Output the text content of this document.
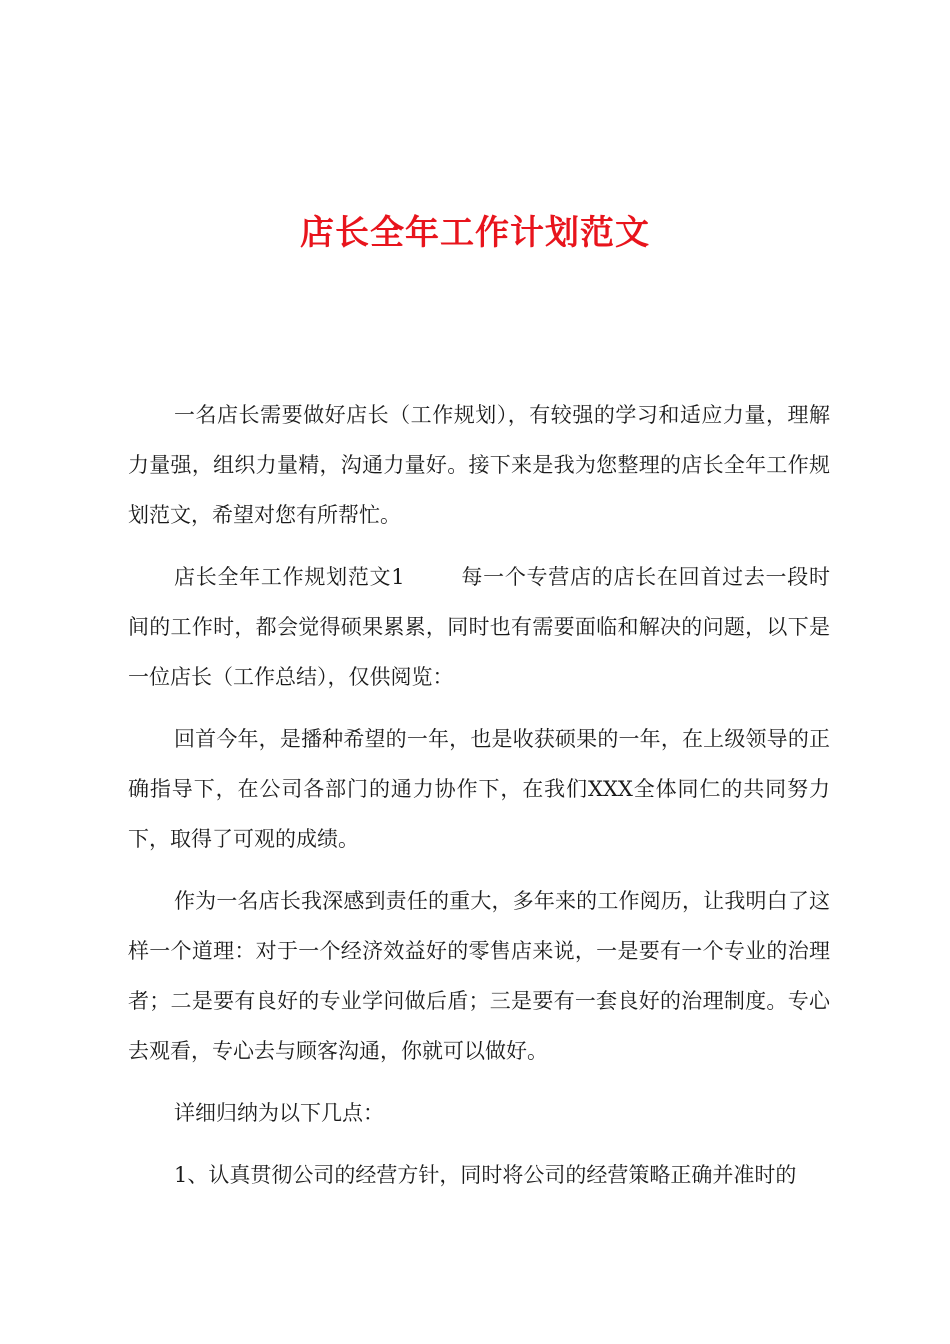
店长全年工作计划范文

一名店长需要做好店长（工作规划），有较强的学习和适应力量，理解力量强，组织力量精，沟通力量好。接下来是我为您整理的店长全年工作规划范文，希望对您有所帮忙。

店长全年工作规划范文1	每一个专营店的店长在回首过去一段时间的工作时，都会觉得硕果累累，同时也有需要面临和解决的问题，以下是一位店长（工作总结），仅供阅览：

回首今年，是播种希望的一年，也是收获硕果的一年，在上级领导的正确指导下，在公司各部门的通力协作下，在我们XXX全体同仁的共同努力下，取得了可观的成绩。

作为一名店长我深感到责任的重大，多年来的工作阅历，让我明白了这样一个道理：对于一个经济效益好的零售店来说，一是要有一个专业的治理者；二是要有良好的专业学问做后盾；三是要有一套良好的治理制度。专心去观看，专心去与顾客沟通，你就可以做好。

详细归纳为以下几点：

1、认真贯彻公司的经营方针，同时将公司的经营策略正确并准时的
